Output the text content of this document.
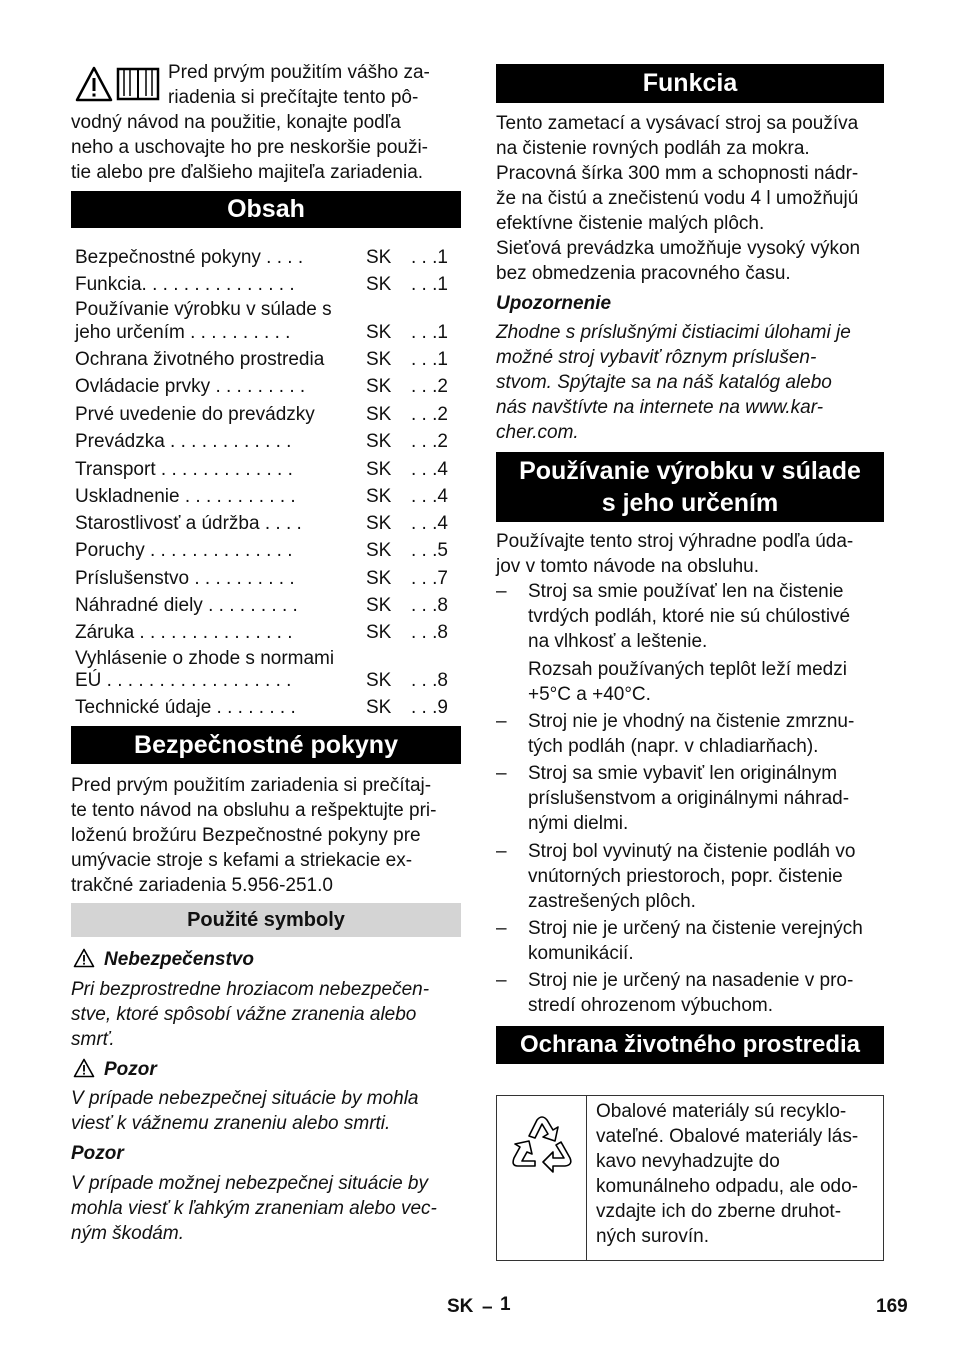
Pred prvým použitím vášho za-

riadenia si prečítajte tento pô-

vodný návod na použitie, konajte podľa

neho a uschovajte ho pre neskoršie použi-

tie alebo pre ďalšieho majiteľa zariadenia.

Obsah
Bezpečnostné pokyny . . . .	SK . . .1
Funkcia. . . . . . . . . . . . . . .	SK . . .1
Používanie výrobku v súlade s
jeho určením . . . . . . . . . .	SK . . .1
Ochrana životného prostredia SK . . .1
Ovládacie prvky . . . . . . . . .	SK . . .2
Prvé uvedenie do prevádzky	SK . . .2
Prevádzka . . . . . . . . . . . .	SK . . .2
Transport . . . . . . . . . . . . .	SK . . .4
Uskladnenie . . . . . . . . . . .	SK . . .4
Starostlivosť a údržba . . . .	SK . . .4
Poruchy . . . . . . . . . . . . . .	SK . . .5
Príslušenstvo . . . . . . . . . .	SK . . .7
Náhradné diely . . . . . . . . .	SK . . .8
Záruka . . . . . . . . . . . . . . .	SK . . .8
Vyhlásenie o zhode s normami
EÚ . . . . . . . . . . . . . . . . . .	SK . . .8
Technické údaje . . . . . . . .	SK . . .9
Bezpečnostné pokyny

Pred prvým použitím zariadenia si prečítaj-

te tento návod na obsluhu a rešpektujte pri-

loženú brožúru Bezpečnostné pokyny pre

umývacie stroje s kefami a striekacie ex-

trakčné zariadenia 5.956-251.0

Použité symboly

Nebezpečenstvo

Pri bezprostredne hroziacom nebezpečen-

stve, ktoré spôsobí vážne zranenia alebo

smrť.

Pozor

V prípade nebezpečnej situácie by mohla

viesť k vážnemu zraneniu alebo smrti.

Pozor

V prípade možnej nebezpečnej situácie by

mohla viesť k ľahkým zraneniam alebo vec-

ným škodám.

Funkcia

Tento zametací a vysávací stroj sa používa

na čistenie rovných podláh za mokra.

Pracovná šírka 300 mm a schopnosti nádr-

že na čistú a znečistenú vodu 4 l umožňujú

efektívne čistenie malých plôch.

Sieťová prevádzka umožňuje vysoký výkon

bez obmedzenia pracovného času.

Upozornenie

Zhodne s príslušnými čistiacimi úlohami je

možné stroj vybaviť rôznym príslušen-

stvom. Spýtajte sa na náš katalóg alebo

nás navštívte na internete na www.kar-

cher.com.

Používanie výrobku v súlade
s jeho určením

Používajte tento stroj výhradne podľa úda-

jov v tomto návode na obsluhu.

–	Stroj sa smie používať len na čistenie
tvrdých podláh, ktoré nie sú chúlostivé
na vlhkosť a leštenie.
Rozsah používaných teplôt leží medzi
+5°C a +40°C.
–	Stroj nie je vhodný na čistenie zmrznu-
tých podláh (napr. v chladiarňach).
–	Stroj sa smie vybaviť len originálnym
príslušenstvom a originálnymi náhrad-
nými dielmi.
–	Stroj bol vyvinutý na čistenie podláh vo
vnútorných priestoroch, popr. čistenie
zastrešených plôch.
–	Stroj nie je určený na čistenie verejných
komunikácií.
–	Stroj nie je určený na nasadenie v pro-
stredí ohrozenom výbuchom.
Ochrana životného prostredia
Obalové materiály sú recyklo-
vateľné. Obalové materiály lás-
kavo nevyhadzujte do
komunálneho odpadu, ale odo-
vzdajte ich do zberne druhot-
ných surovín.
SK – 1	169
